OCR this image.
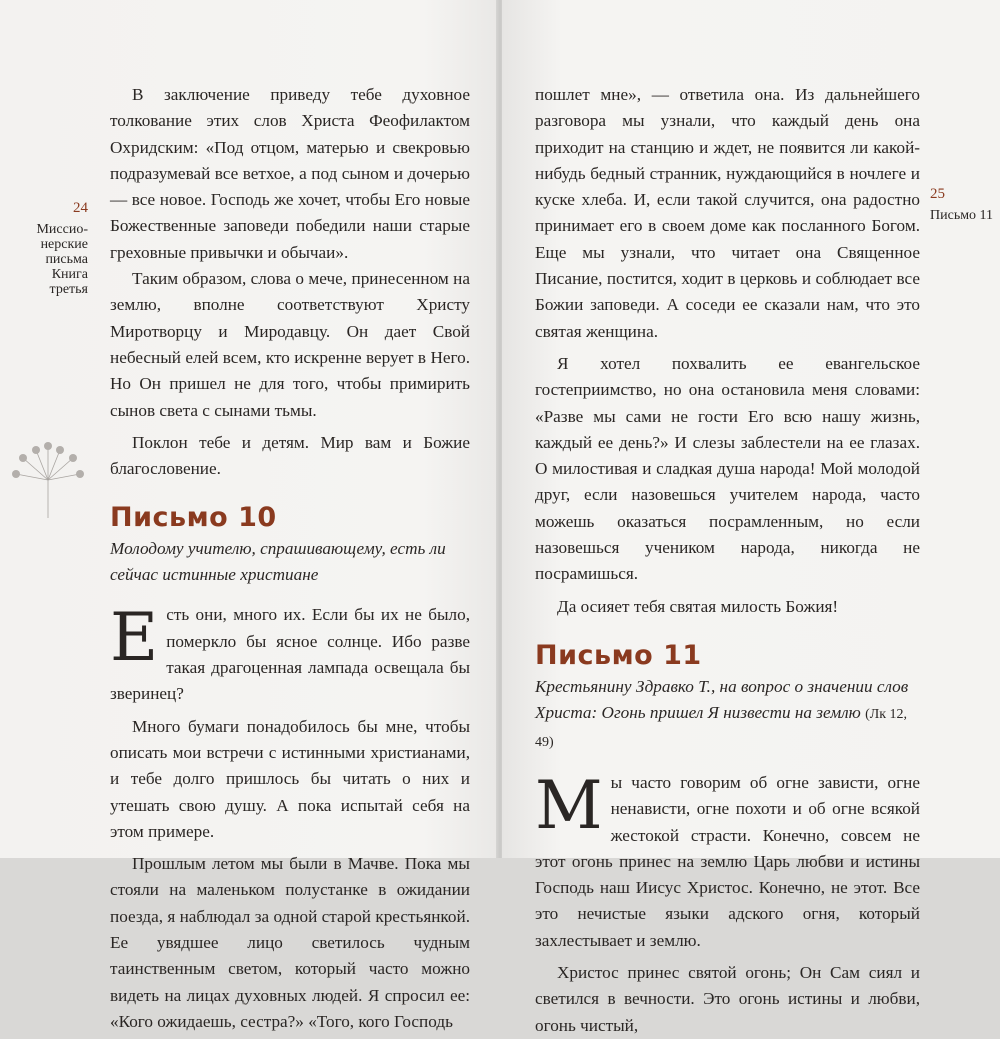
24
Миссио-
нерские
письма
Книга
третья

В заключение приведу тебе духовное толкование этих слов Христа Феофилактом Охридским: «Под отцом, матерью и свекровью подразумевай все ветхое, а под сыном и дочерью — все новое. Господь же хочет, чтобы Его новые Божественные заповеди победили наши старые греховные привычки и обычаи».

Таким образом, слова о мече, принесенном на землю, вполне соответствуют Христу Миротворцу и Миродавцу. Он дает Свой небесный елей всем, кто искренне верует в Него. Но Он пришел не для того, чтобы примирить сынов света с сынами тьмы.

Поклон тебе и детям. Мир вам и Божие благословение.

Письмо 10

Молодому учителю, спрашивающему, есть ли сейчас истинные христиане

Есть они, много их. Если бы их не было, померкло бы ясное солнце. Ибо разве такая драгоценная лампада освещала бы зверинец?

Много бумаги понадобилось бы мне, чтобы описать мои встречи с истинными христианами, и тебе долго пришлось бы читать о них и утешать свою душу. А пока испытай себя на этом примере.

Прошлым летом мы были в Мачве. Пока мы стояли на маленьком полустанке в ожидании поезда, я наблюдал за одной старой крестьянкой. Ее увядшее лицо светилось чудным таинственным светом, который часто можно видеть на лицах духовных людей. Я спросил ее: «Кого ожидаешь, сестра?» «Того, кого Господь

25
Письмо 11

пошлет мне», — ответила она. Из дальнейшего разговора мы узнали, что каждый день она приходит на станцию и ждет, не появится ли какой-нибудь бедный странник, нуждающийся в ночлеге и куске хлеба. И, если такой случится, она радостно принимает его в своем доме как посланного Богом. Еще мы узнали, что читает она Священное Писание, постится, ходит в церковь и соблюдает все Божии заповеди. А соседи ее сказали нам, что это святая женщина.

Я хотел похвалить ее евангельское гостеприимство, но она остановила меня словами: «Разве мы сами не гости Его всю нашу жизнь, каждый ее день?» И слезы заблестели на ее глазах. О милостивая и сладкая душа народа! Мой молодой друг, если назовешься учителем народа, часто можешь оказаться посрамленным, но если назовешься учеником народа, никогда не посрамишься.

Да осияет тебя святая милость Божия!

Письмо 11

Крестьянину Здравко Т., на вопрос о значении слов Христа: Огонь пришел Я низвести на землю (Лк 12, 49)

Мы часто говорим об огне зависти, огне ненависти, огне похоти и об огне всякой жестокой страсти. Конечно, совсем не этот огонь принес на землю Царь любви и истины Господь наш Иисус Христос. Конечно, не этот. Все это нечистые языки адского огня, который захлестывает и землю.

Христос принес святой огонь; Он Сам сиял и светился в вечности. Это огонь истины и любви, огонь чистый,
